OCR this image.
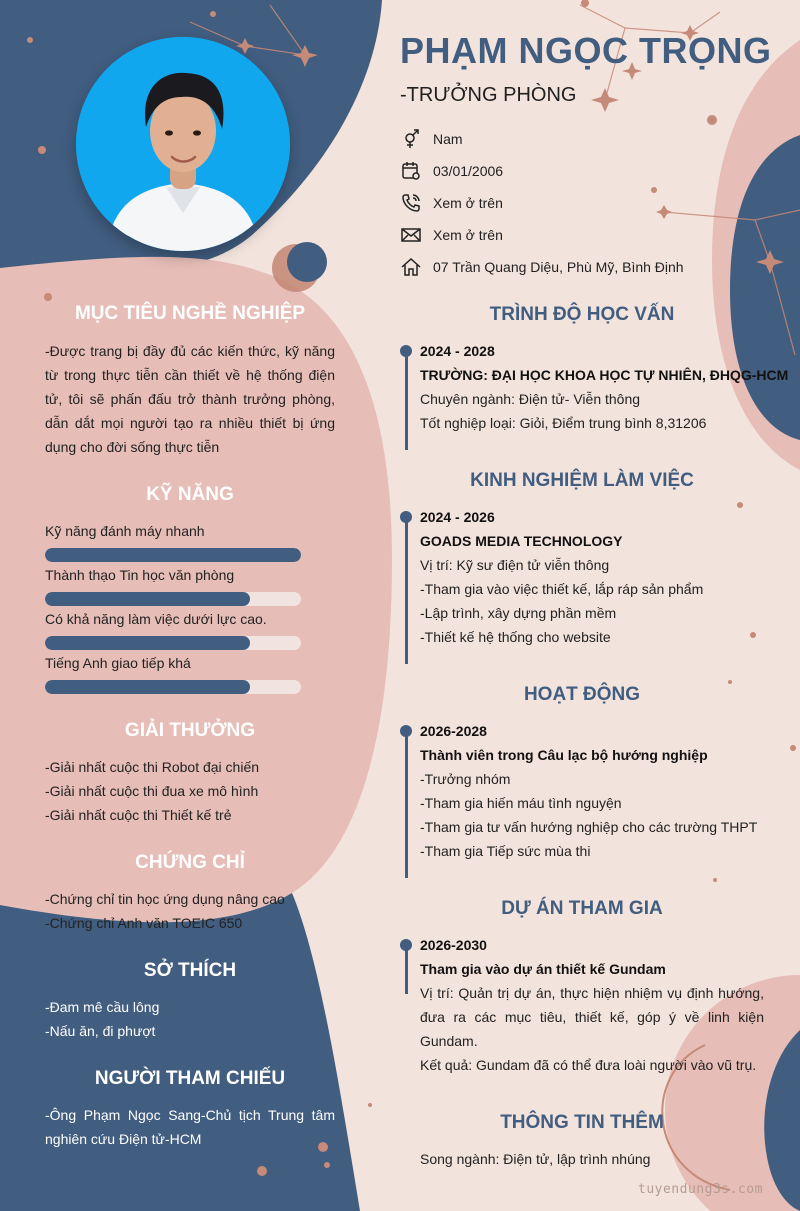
PHẠM NGỌC TRỌNG
-TRƯỞNG PHÒNG
Nam
03/01/2006
Xem ở trên
Xem ở trên
07 Trần Quang Diệu, Phù Mỹ, Bình Định
MỤC TIÊU NGHỀ NGHIỆP
-Được trang bị đầy đủ các kiến thức, kỹ năng từ trong thực tiễn cần thiết về hệ thống điện tử, tôi sẽ phấn đấu trở thành trưởng phòng, dẫn dắt mọi người tạo ra nhiều thiết bị ứng dụng cho đời sống thực tiễn
KỸ NĂNG
Kỹ năng đánh máy nhanh
Thành thạo Tin học văn phòng
Có khả năng làm việc dưới lực cao.
Tiếng Anh giao tiếp khá
GIẢI THƯỞNG
-Giải nhất cuộc thi Robot đại chiến
-Giải nhất cuộc thi đua xe mô hình
-Giải nhất cuộc thi Thiết kế trẻ
CHỨNG CHỈ
-Chứng chỉ tin học ứng dụng nâng cao
-Chứng chỉ Anh văn TOEIC 650
SỞ THÍCH
-Đam mê cầu lông
-Nấu ăn, đi phượt
NGƯỜI THAM CHIẾU
-Ông Phạm Ngọc Sang-Chủ tịch Trung tâm nghiên cứu Điện tử-HCM
TRÌNH ĐỘ HỌC VẤN
2024 - 2028
TRƯỜNG: ĐẠI HỌC KHOA HỌC TỰ NHIÊN, ĐHQG-HCM
Chuyên ngành: Điện tử- Viễn thông
Tốt nghiệp loại: Giỏi, Điểm trung bình 8,31206
KINH NGHIỆM LÀM VIỆC
2024 - 2026
GOADS MEDIA TECHNOLOGY
Vị trí: Kỹ sư điện tử viễn thông
-Tham gia vào việc thiết kế, lắp ráp sản phẩm
-Lập trình, xây dựng phần mềm
-Thiết kế hệ thống cho website
HOẠT ĐỘNG
2026-2028
Thành viên trong Câu lạc bộ hướng nghiệp
-Trưởng nhóm
-Tham gia hiến máu tình nguyện
-Tham gia tư vấn hướng nghiệp cho các trường THPT
-Tham gia Tiếp sức mùa thi
DỰ ÁN THAM GIA
2026-2030
Tham gia vào dự án thiết kế Gundam
Vị trí: Quản trị dự án, thực hiện nhiệm vụ định hướng, đưa ra các mục tiêu, thiết kế, góp ý về linh kiện Gundam.
Kết quả: Gundam đã có thể đưa loài người vào vũ trụ.
THÔNG TIN THÊM
Song ngành: Điện tử, lập trình nhúng
tuyendung3s.com
